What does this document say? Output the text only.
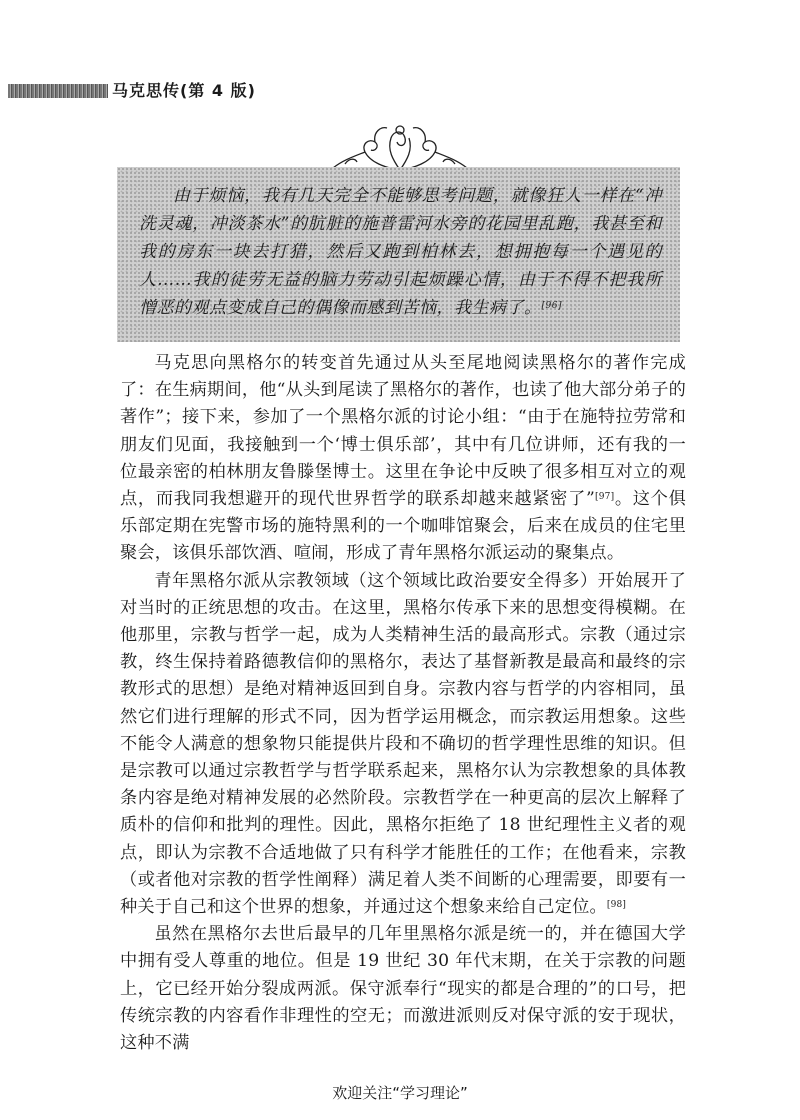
马克思传(第 4 版)

由于烦恼，我有几天完全不能够思考问题，就像狂人一样在“冲洗灵魂，冲淡茶水”的肮脏的施普雷河水旁的花园里乱跑，我甚至和我的房东一块去打猎，然后又跑到柏林去，想拥抱每一个遇见的人……我的徒劳无益的脑力劳动引起烦躁心情，由于不得不把我所憎恶的观点变成自己的偶像而感到苦恼，我生病了。[96]

马克思向黑格尔的转变首先通过从头至尾地阅读黑格尔的著作完成了：在生病期间，他“从头到尾读了黑格尔的著作，也读了他大部分弟子的著作”；接下来，参加了一个黑格尔派的讨论小组：“由于在施特拉劳常和朋友们见面，我接触到一个‘博士俱乐部’，其中有几位讲师，还有我的一位最亲密的柏林朋友鲁滕堡博士。这里在争论中反映了很多相互对立的观点，而我同我想避开的现代世界哲学的联系却越来越紧密了”[97]。这个俱乐部定期在宪警市场的施特黑利的一个咖啡馆聚会，后来在成员的住宅里聚会，该俱乐部饮酒、喧闹，形成了青年黑格尔派运动的聚集点。

青年黑格尔派从宗教领域（这个领域比政治要安全得多）开始展开了对当时的正统思想的攻击。在这里，黑格尔传承下来的思想变得模糊。在他那里，宗教与哲学一起，成为人类精神生活的最高形式。宗教（通过宗教，终生保持着路德教信仰的黑格尔，表达了基督新教是最高和最终的宗教形式的思想）是绝对精神返回到自身。宗教内容与哲学的内容相同，虽然它们进行理解的形式不同，因为哲学运用概念，而宗教运用想象。这些不能令人满意的想象物只能提供片段和不确切的哲学理性思维的知识。但是宗教可以通过宗教哲学与哲学联系起来，黑格尔认为宗教想象的具体教条内容是绝对精神发展的必然阶段。宗教哲学在一种更高的层次上解释了质朴的信仰和批判的理性。因此，黑格尔拒绝了 18 世纪理性主义者的观点，即认为宗教不合适地做了只有科学才能胜任的工作；在他看来，宗教（或者他对宗教的哲学性阐释）满足着人类不间断的心理需要，即要有一种关于自己和这个世界的想象，并通过这个想象来给自己定位。[98]

虽然在黑格尔去世后最早的几年里黑格尔派是统一的，并在德国大学中拥有受人尊重的地位。但是 19 世纪 30 年代末期，在关于宗教的问题上，它已经开始分裂成两派。保守派奉行“现实的都是合理的”的口号，把传统宗教的内容看作非理性的空无；而激进派则反对保守派的安于现状，这种不满

欢迎关注“学习理论”
